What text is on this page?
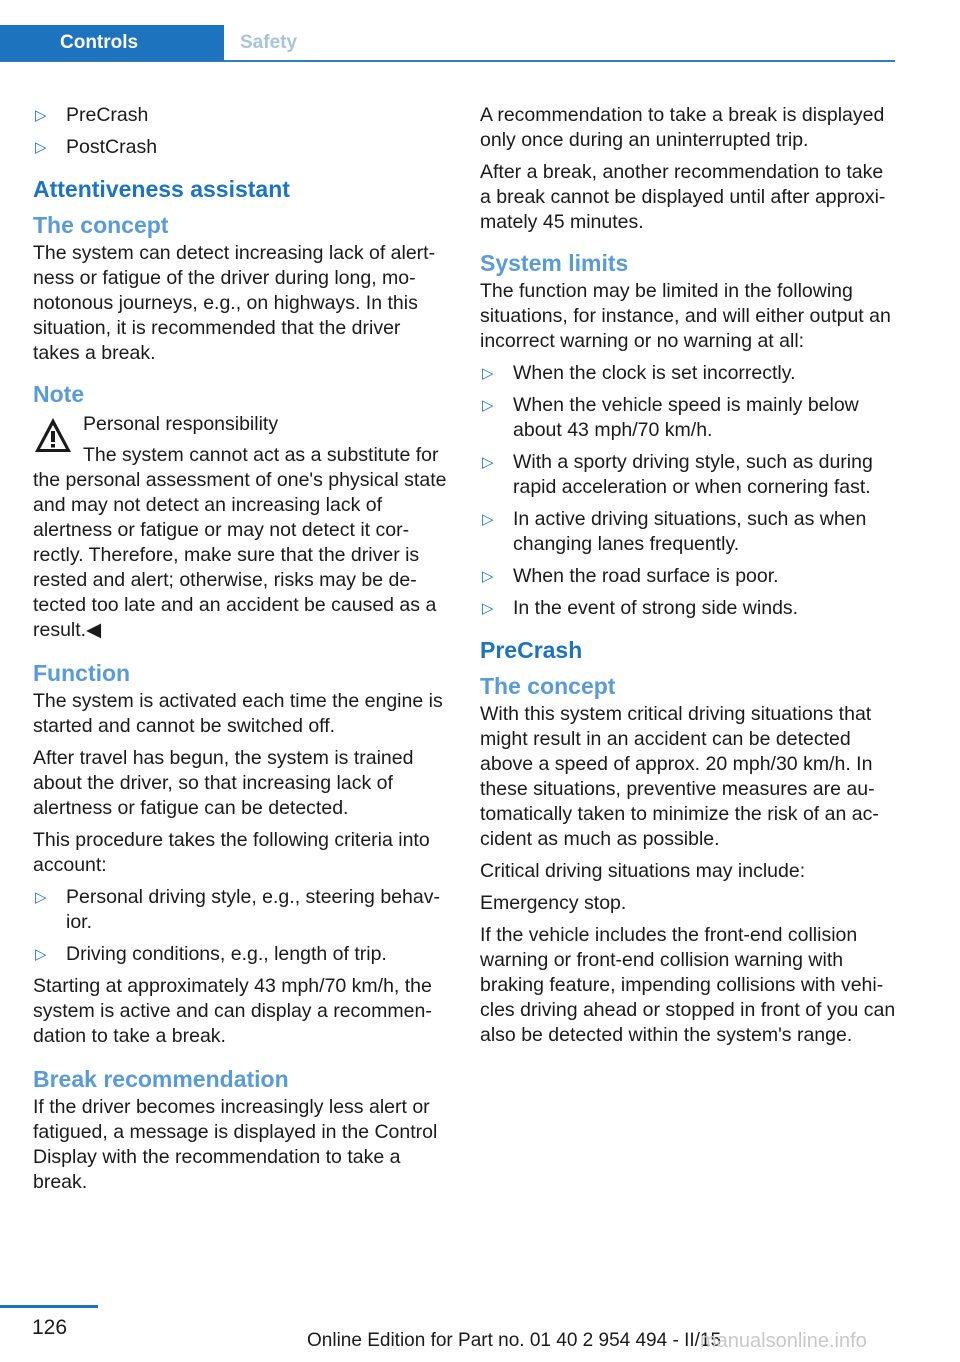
Controls	Safety
▷ PreCrash
▷ PostCrash
Attentiveness assistant
The concept

The system can detect increasing lack of alertness or fatigue of the driver during long, monotonous journeys, e.g., on highways. In this situation, it is recommended that the driver takes a break.

Note

Personal responsibility

The system cannot act as a substitute for the personal assessment of one's physical state and may not detect an increasing lack of alertness or fatigue or may not detect it correctly. Therefore, make sure that the driver is rested and alert; otherwise, risks may be detected too late and an accident be caused as a result.◀

Function

The system is activated each time the engine is started and cannot be switched off.

After travel has begun, the system is trained about the driver, so that increasing lack of alertness or fatigue can be detected.

This procedure takes the following criteria into account:

▷ Personal driving style, e.g., steering behavior.
▷ Driving conditions, e.g., length of trip.

Starting at approximately 43 mph/70 km/h, the system is active and can display a recommendation to take a break.

Break recommendation

If the driver becomes increasingly less alert or fatigued, a message is displayed in the Control Display with the recommendation to take a break.

A recommendation to take a break is displayed only once during an uninterrupted trip.

After a break, another recommendation to take a break cannot be displayed until after approximately 45 minutes.

System limits

The function may be limited in the following situations, for instance, and will either output an incorrect warning or no warning at all:

▷ When the clock is set incorrectly.
▷ When the vehicle speed is mainly below about 43 mph/70 km/h.
▷ With a sporty driving style, such as during rapid acceleration or when cornering fast.
▷ In active driving situations, such as when changing lanes frequently.
▷ When the road surface is poor.
▷ In the event of strong side winds.
PreCrash
The concept

With this system critical driving situations that might result in an accident can be detected above a speed of approx. 20 mph/30 km/h. In these situations, preventive measures are automatically taken to minimize the risk of an accident as much as possible.

Critical driving situations may include:

Emergency stop.

If the vehicle includes the front-end collision warning or front-end collision warning with braking feature, impending collisions with vehicles driving ahead or stopped in front of you can also be detected within the system's range.

126
Online Edition for Part no. 01 40 2 954 494 - II/15
manualsonline.info
